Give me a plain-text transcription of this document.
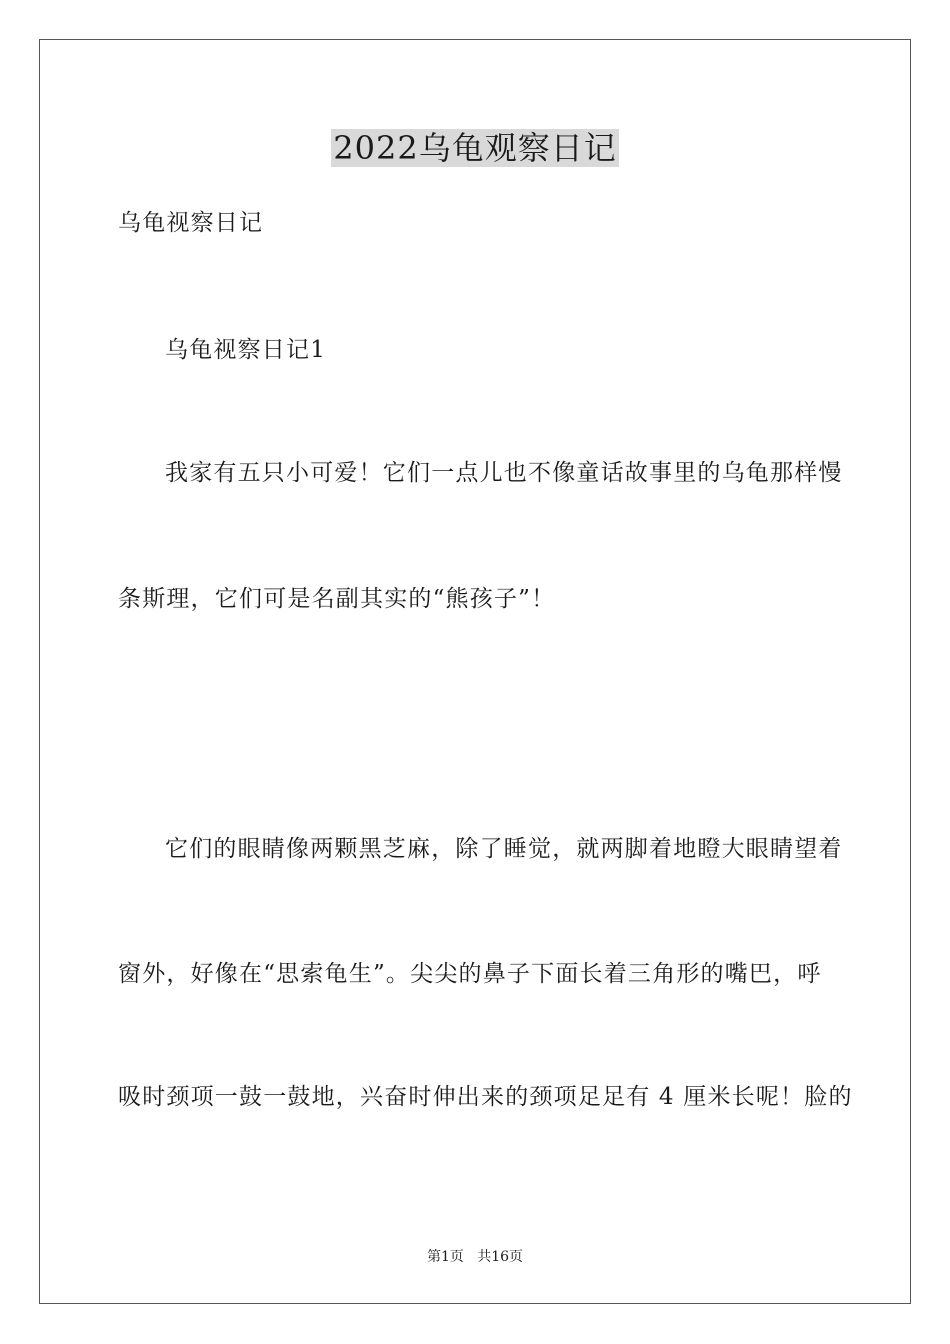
2022乌龟观察日记
乌龟视察日记
乌龟视察日记1
我家有五只小可爱！它们一点儿也不像童话故事里的乌龟那样慢
条斯理，它们可是名副其实的“熊孩子”！
它们的眼睛像两颗黑芝麻，除了睡觉，就两脚着地瞪大眼睛望着
窗外，好像在“思索龟生”。尖尖的鼻子下面长着三角形的嘴巴，呼
吸时颈项一鼓一鼓地，兴奋时伸出来的颈项足足有 4 厘米长呢！脸的
第1页   共16页
